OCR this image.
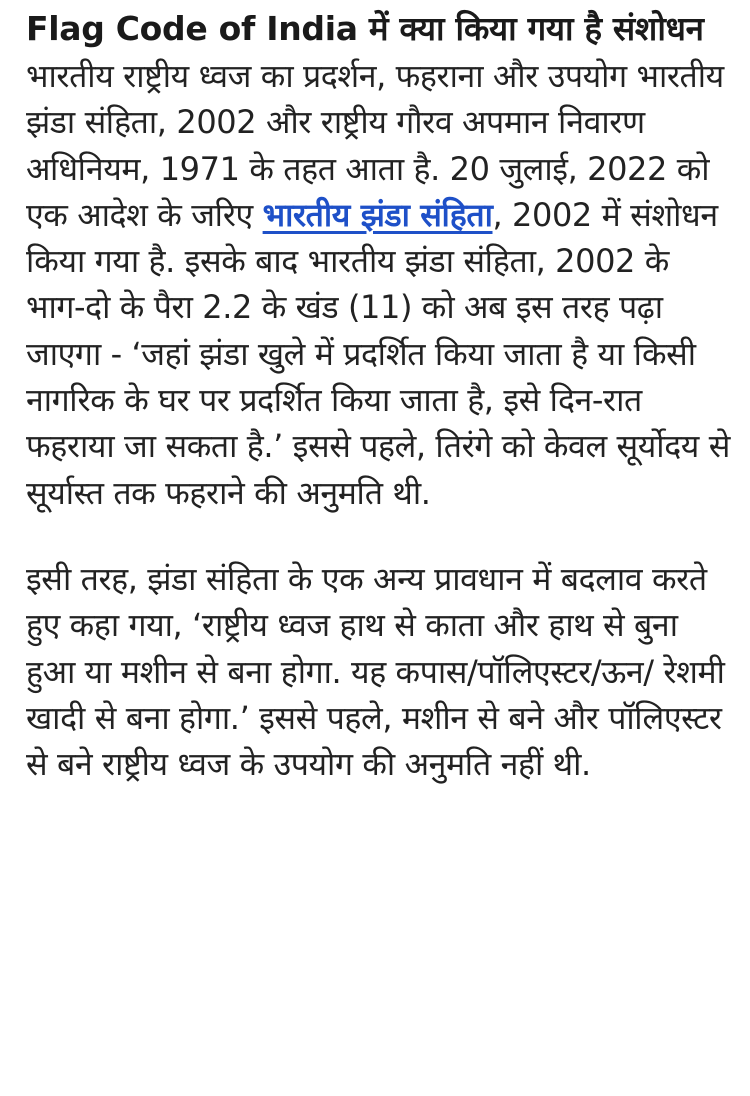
Flag Code of India में क्या किया गया है संशोधन

भारतीय राष्ट्रीय ध्वज का प्रदर्शन, फहराना और उपयोग भारतीय झंडा संहिता, 2002 और राष्ट्रीय गौरव अपमान निवारण अधिनियम, 1971 के तहत आता है. 20 जुलाई, 2022 को एक आदेश के जरिए भारतीय झंडा संहिता, 2002 में संशोधन किया गया है. इसके बाद भारतीय झंडा संहिता, 2002 के भाग-दो के पैरा 2.2 के खंड (11) को अब इस तरह पढ़ा जाएगा - ‘जहां झंडा खुले में प्रदर्शित किया जाता है या किसी नागरिक के घर पर प्रदर्शित किया जाता है, इसे दिन-रात फहराया जा सकता है.’ इससे पहले, तिरंगे को केवल सूर्योदय से सूर्यास्त तक फहराने की अनुमति थी.

इसी तरह, झंडा संहिता के एक अन्य प्रावधान में बदलाव करते हुए कहा गया, ‘राष्ट्रीय ध्वज हाथ से काता और हाथ से बुना हुआ या मशीन से बना होगा. यह कपास/पॉलिएस्टर/ऊन/ रेशमी खादी से बना होगा.’ इससे पहले, मशीन से बने और पॉलिएस्टर से बने राष्ट्रीय ध्वज के उपयोग की अनुमति नहीं थी.
